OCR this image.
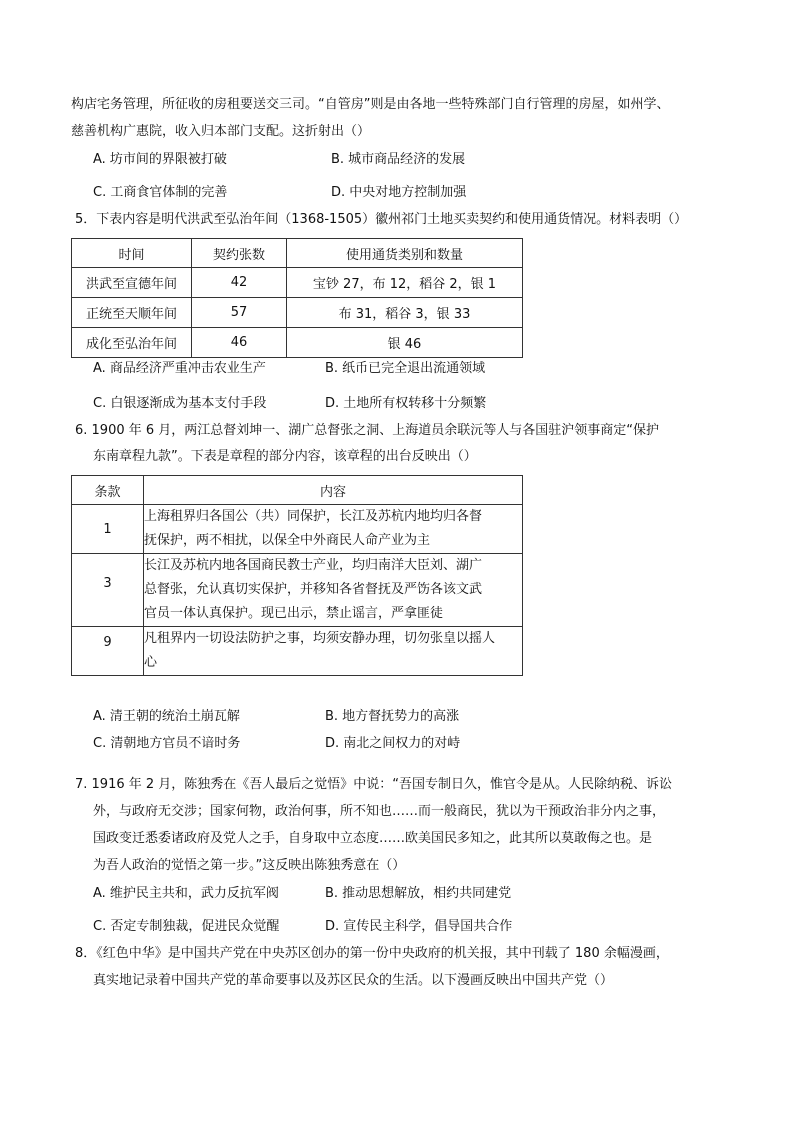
构店宅务管理，所征收的房租要送交三司。“自管房”则是由各地一些特殊部门自行管理的房屋，如州学、
慈善机构广惠院，收入归本部门支配。这折射出（）
A. 坊市间的界限被打破	B. 城市商品经济的发展
C. 工商食官体制的完善	D. 中央对地方控制加强
5．下表内容是明代洪武至弘治年间（1368-1505）徽州祁门土地买卖契约和使用通货情况。材料表明（）
时间	契约张数	使用通货类别和数量
洪武至宣德年间	42	宝钞 27，布 12，稻谷 2，银 1
正统至天顺年间	57	布 31，稻谷 3，银 33
成化至弘治年间	46	银 46
A. 商品经济严重冲击农业生产	B. 纸币已完全退出流通领域
C. 白银逐渐成为基本支付手段	D. 土地所有权转移十分频繁
6. 1900 年 6 月，两江总督刘坤一、湖广总督张之洞、上海道员余联沅等人与各国驻沪领事商定“保护
东南章程九款”。下表是章程的部分内容，该章程的出台反映出（）
条款	内容
1	上海租界归各国公（共）同保护，长江及苏杭内地均归各督
抚保护，两不相扰，以保全中外商民人命产业为主

3	长江及苏杭内地各国商民教士产业，均归南洋大臣刘、湖广
总督张，允认真切实保护，并移知各省督抚及严饬各该文武
官员一体认真保护。现已出示，禁止谣言，严拿匪徒

9	凡租界内一切设法防护之事，均须安静办理，切勿张皇以摇人
心
A. 清王朝的统治土崩瓦解	B. 地方督抚势力的高涨
C. 清朝地方官员不谙时务	D. 南北之间权力的对峙
7. 1916 年 2 月，陈独秀在《吾人最后之觉悟》中说：“吾国专制日久，惟官令是从。人民除纳税、诉讼
外，与政府无交涉；国家何物，政治何事，所不知也……而一般商民，犹以为干预政治非分内之事，
国政变迁悉委诸政府及党人之手，自身取中立态度……欧美国民多知之，此其所以莫敢侮之也。是
为吾人政治的觉悟之第一步。”这反映出陈独秀意在（）
A. 维护民主共和，武力反抗军阀	B. 推动思想解放，相约共同建党
C. 否定专制独裁，促进民众觉醒	D. 宣传民主科学，倡导国共合作
8．《红色中华》是中国共产党在中央苏区创办的第一份中央政府的机关报，其中刊载了 180 余幅漫画，
真实地记录着中国共产党的革命要事以及苏区民众的生活。以下漫画反映出中国共产党（）
